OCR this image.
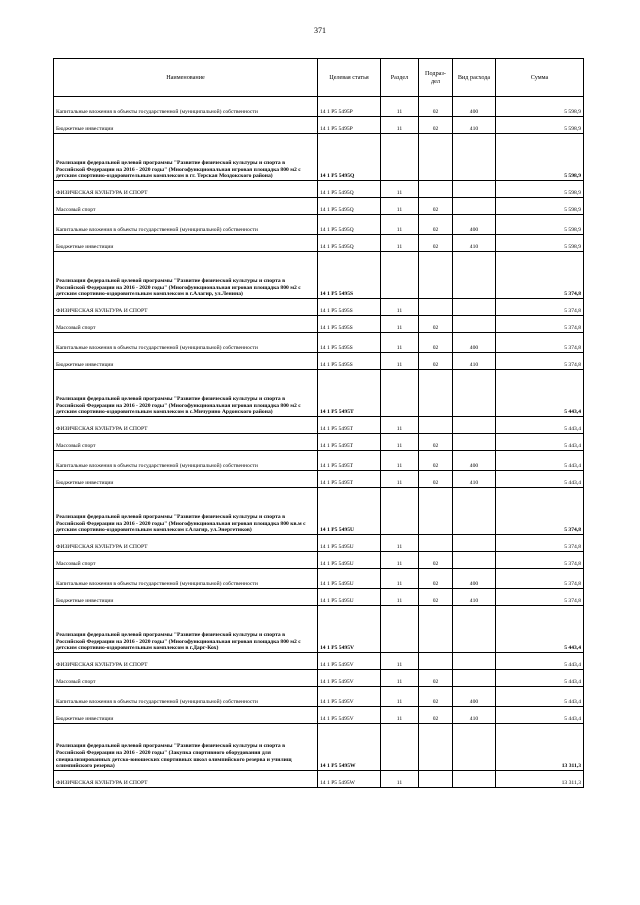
371
Наименование	Целевая статья	Раздел	Подраз-дел	Вид расхода	Сумма
Капитальные вложения в объекты государственной (муниципальной) собственности	14 1 P5 5495P	11	02	400	5 598,9
Бюджетные инвестиции	14 1 P5 5495P	11	02	410	5 598,9
Реализация федеральной целевой программы "Развитие физической культуры и спорта в Российской Федерации на 2016 - 2020 годы" (Многофункциональная игровая площадка 800 м2 с детским спортивно-оздоровительным комплексом в гг. Терская Моздокского района)	14 1 P5 5495Q				5 598,9
ФИЗИЧЕСКАЯ КУЛЬТУРА И СПОРТ	14 1 P5 5495Q	11			5 598,9
Массовый спорт	14 1 P5 5495Q	11	02		5 598,9
Капитальные вложения в объекты государственной (муниципальной) собственности	14 1 P5 5495Q	11	02	400	5 598,9
Бюджетные инвестиции	14 1 P5 5495Q	11	02	410	5 598,9
Реализация федеральной целевой программы "Развитие физической культуры и спорта в Российской Федерации на 2016 - 2020 годы" (Многофункциональная игровая площадка 800 м2 с детским спортивно-оздоровительным комплексом в г.Алагир, ул.Ленина)	14 1 P5 5495S				5 374,8
ФИЗИЧЕСКАЯ КУЛЬТУРА И СПОРТ	14 1 P5 5495S	11			5 374,8
Массовый спорт	14 1 P5 5495S	11	02		5 374,8
Капитальные вложения в объекты государственной (муниципальной) собственности	14 1 P5 5495S	11	02	400	5 374,8
Бюджетные инвестиции	14 1 P5 5495S	11	02	410	5 374,8
Реализация федеральной целевой программы "Развитие физической культуры и спорта в Российской Федерации на 2016 - 2020 годы" (Многофункциональная игровая площадка 800 м2 с детским спортивно-оздоровительным комплексом в с.Мичурино Ардонского района)	14 1 P5 5495T				5 443,4
ФИЗИЧЕСКАЯ КУЛЬТУРА И СПОРТ	14 1 P5 5495T	11			5 443,4
Массовый спорт	14 1 P5 5495T	11	02		5 443,4
Капитальные вложения в объекты государственной (муниципальной) собственности	14 1 P5 5495T	11	02	400	5 443,4
Бюджетные инвестиции	14 1 P5 5495T	11	02	410	5 443,4
Реализация федеральной целевой программы "Развитие физической культуры и спорта в Российской Федерации на 2016 - 2020 годы" (Многофункциональная игровая площадка 800 кв.м с детским спортивно-оздоровительным комплексом г.Алагир, ул.Энергетиков)	14 1 P5 5495U				5 374,8
ФИЗИЧЕСКАЯ КУЛЬТУРА И СПОРТ	14 1 P5 5495U	11			5 374,8
Массовый спорт	14 1 P5 5495U	11	02		5 374,8
Капитальные вложения в объекты государственной (муниципальной) собственности	14 1 P5 5495U	11	02	400	5 374,8
Бюджетные инвестиции	14 1 P5 5495U	11	02	410	5 374,8
Реализация федеральной целевой программы "Развитие физической культуры и спорта в Российской Федерации на 2016 - 2020 годы" (Многофункциональная игровая площадка 800 м2 с детским спортивно-оздоровительным комплексом в г.Дарг-Кох)	14 1 P5 5495V				5 443,4
ФИЗИЧЕСКАЯ КУЛЬТУРА И СПОРТ	14 1 P5 5495V	11			5 443,4
Массовый спорт	14 1 P5 5495V	11	02		5 443,4
Капитальные вложения в объекты государственной (муниципальной) собственности	14 1 P5 5495V	11	02	400	5 443,4
Бюджетные инвестиции	14 1 P5 5495V	11	02	410	5 443,4
Реализация федеральной целевой программы "Развитие физической культуры и спорта в Российской Федерации на 2016 - 2020 годы" (Закупка спортивного оборудования для специализированных детско-юношеских спортивных школ олимпийского резерва и училищ олимпийского резерва)	14 1 P5 5495W				13 311,3
ФИЗИЧЕСКАЯ КУЛЬТУРА И СПОРТ	14 1 P5 5495W	11			13 311,3
